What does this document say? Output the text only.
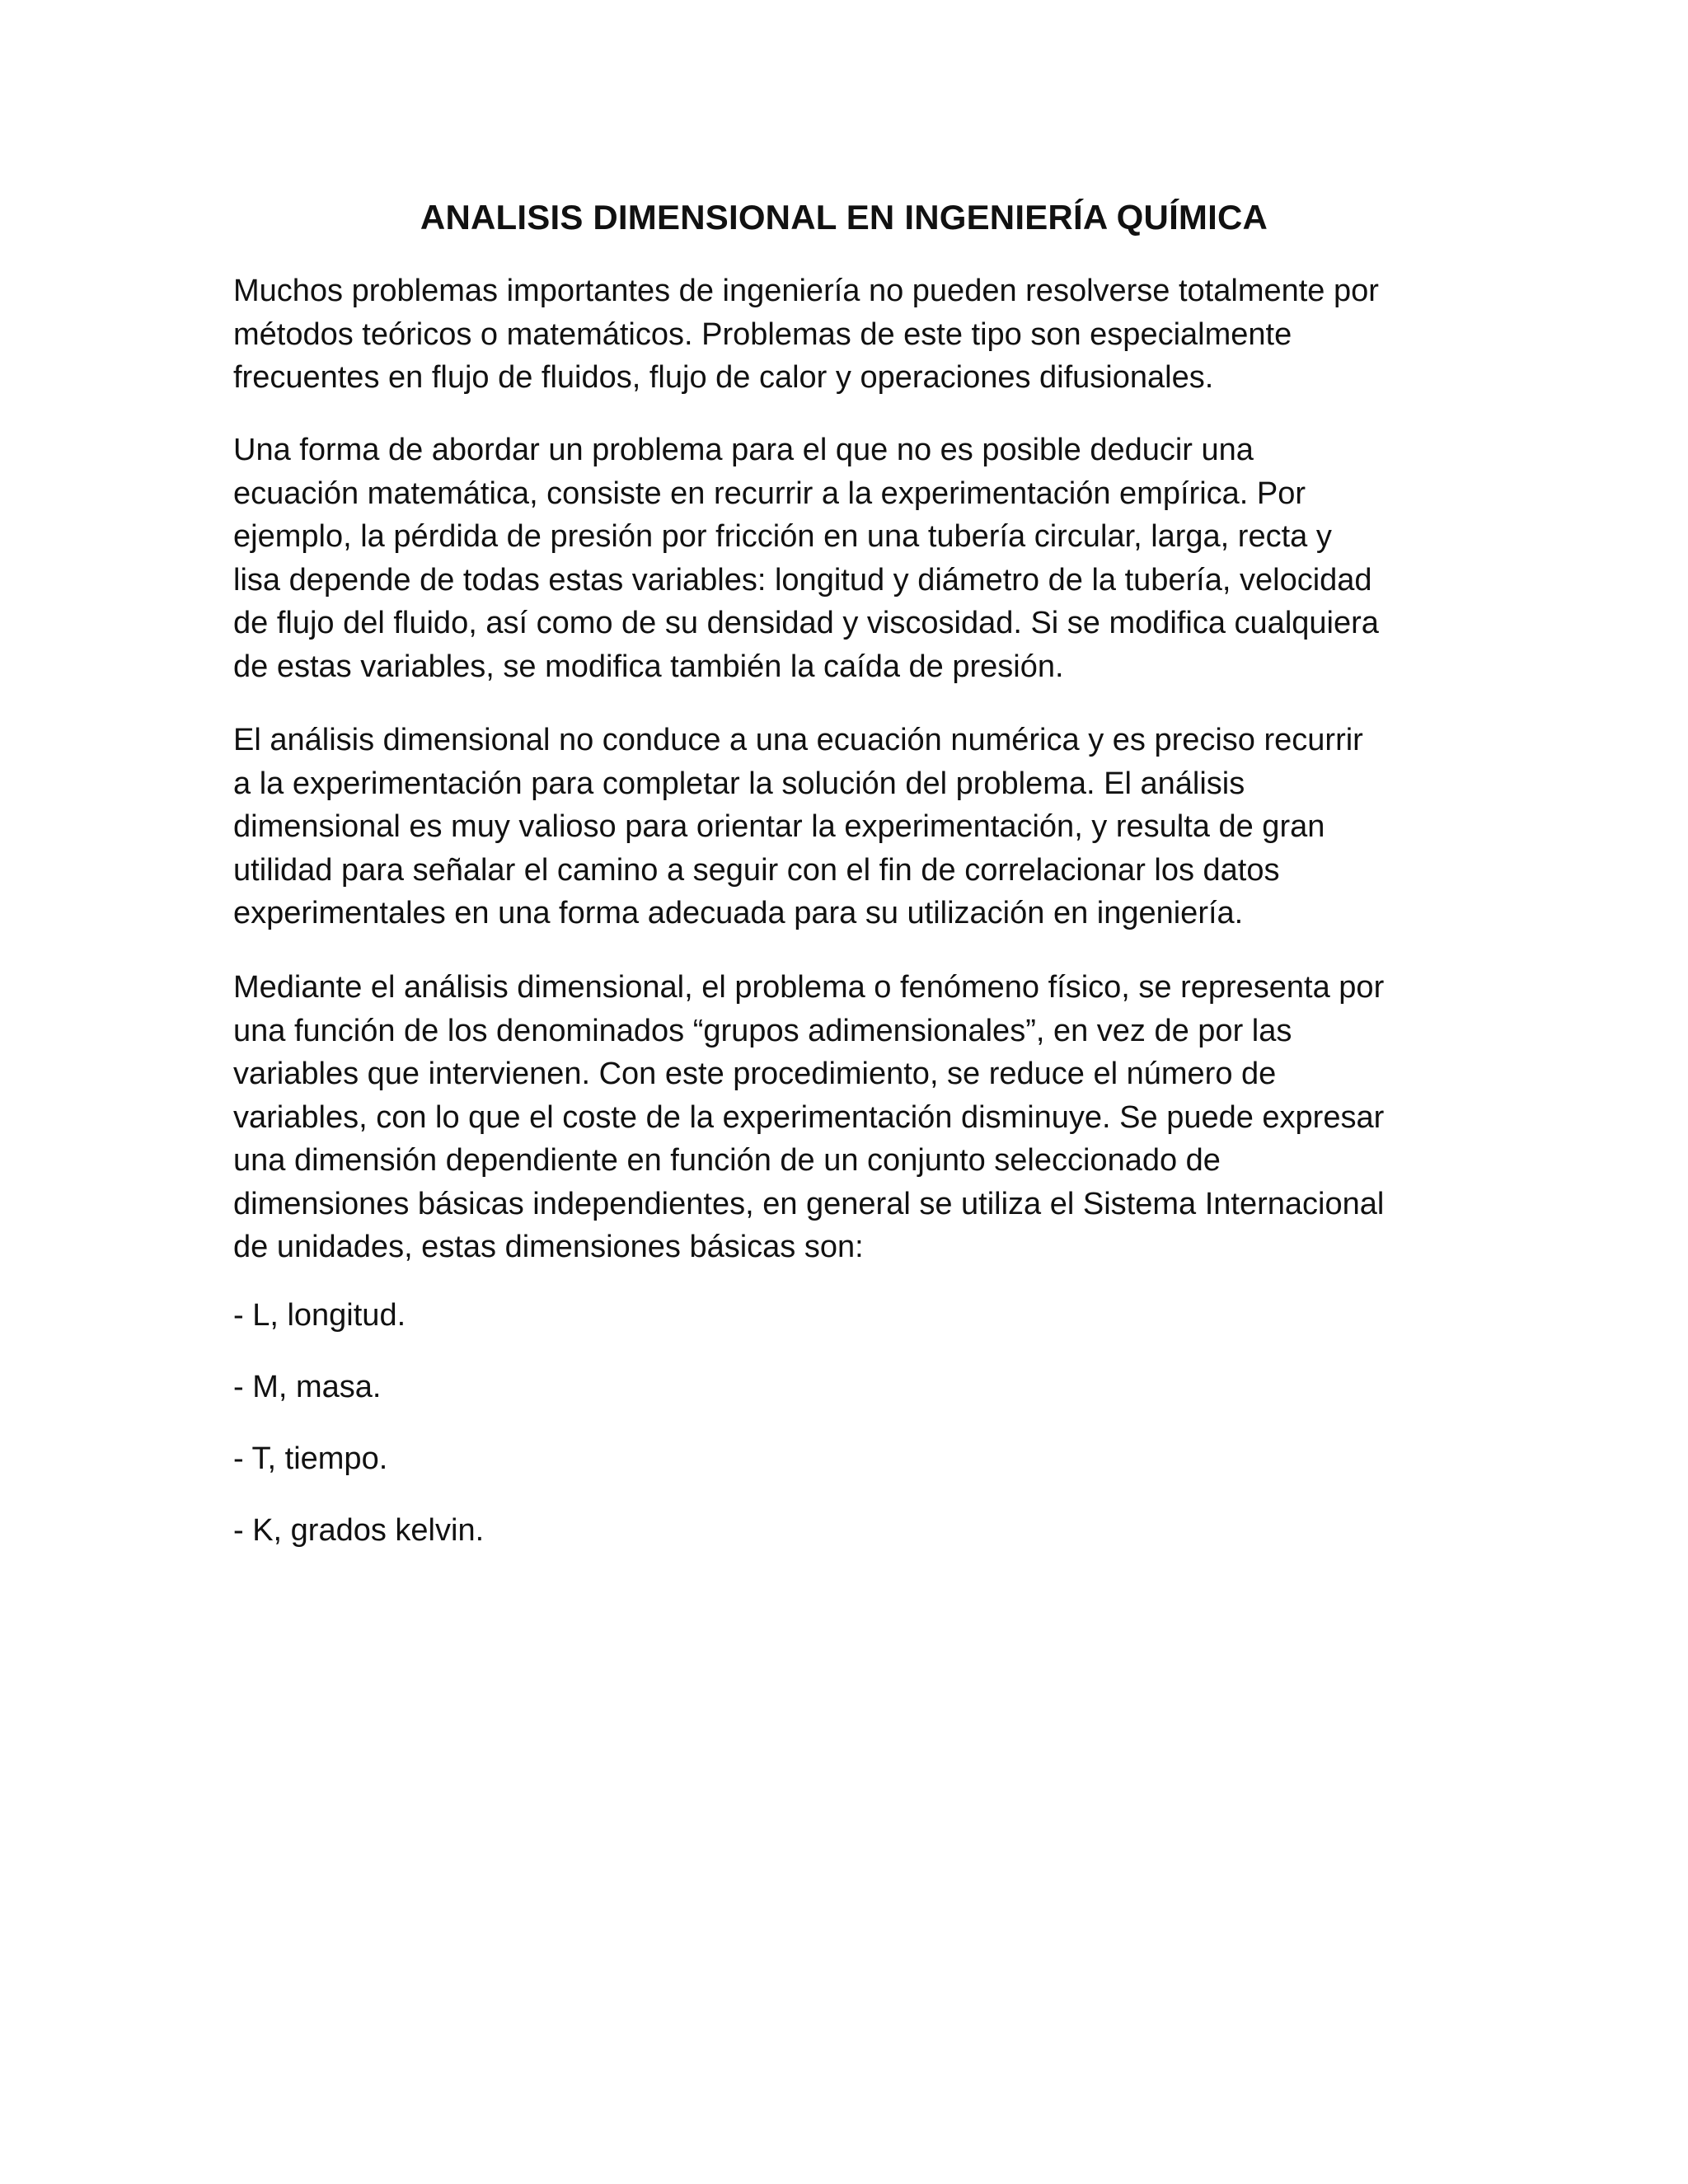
ANALISIS DIMENSIONAL EN INGENIERÍA QUÍMICA

Muchos problemas importantes de ingeniería no pueden resolverse totalmente por
métodos teóricos o matemáticos. Problemas de este tipo son especialmente
frecuentes en flujo de fluidos, flujo de calor y operaciones difusionales.

Una forma de abordar un problema para el que no es posible deducir una
ecuación matemática, consiste en recurrir a la experimentación empírica. Por
ejemplo, la pérdida de presión por fricción en una tubería circular, larga, recta y
lisa depende de todas estas variables: longitud y diámetro de la tubería, velocidad
de flujo del fluido, así como de su densidad y viscosidad. Si se modifica cualquiera
de estas variables, se modifica también la caída de presión.

El análisis dimensional no conduce a una ecuación numérica y es preciso recurrir
a la experimentación para completar la solución del problema. El análisis
dimensional es muy valioso para orientar la experimentación, y resulta de gran
utilidad para señalar el camino a seguir con el fin de correlacionar los datos
experimentales en una forma adecuada para su utilización en ingeniería.

Mediante el análisis dimensional, el problema o fenómeno físico, se representa por
una función de los denominados “grupos adimensionales”, en vez de por las
variables que intervienen. Con este procedimiento, se reduce el número de
variables, con lo que el coste de la experimentación disminuye. Se puede expresar
una dimensión dependiente en función de un conjunto seleccionado de
dimensiones básicas independientes, en general se utiliza el Sistema Internacional
de unidades, estas dimensiones básicas son:

- L, longitud.

- M, masa.

- T, tiempo.

- K, grados kelvin.
